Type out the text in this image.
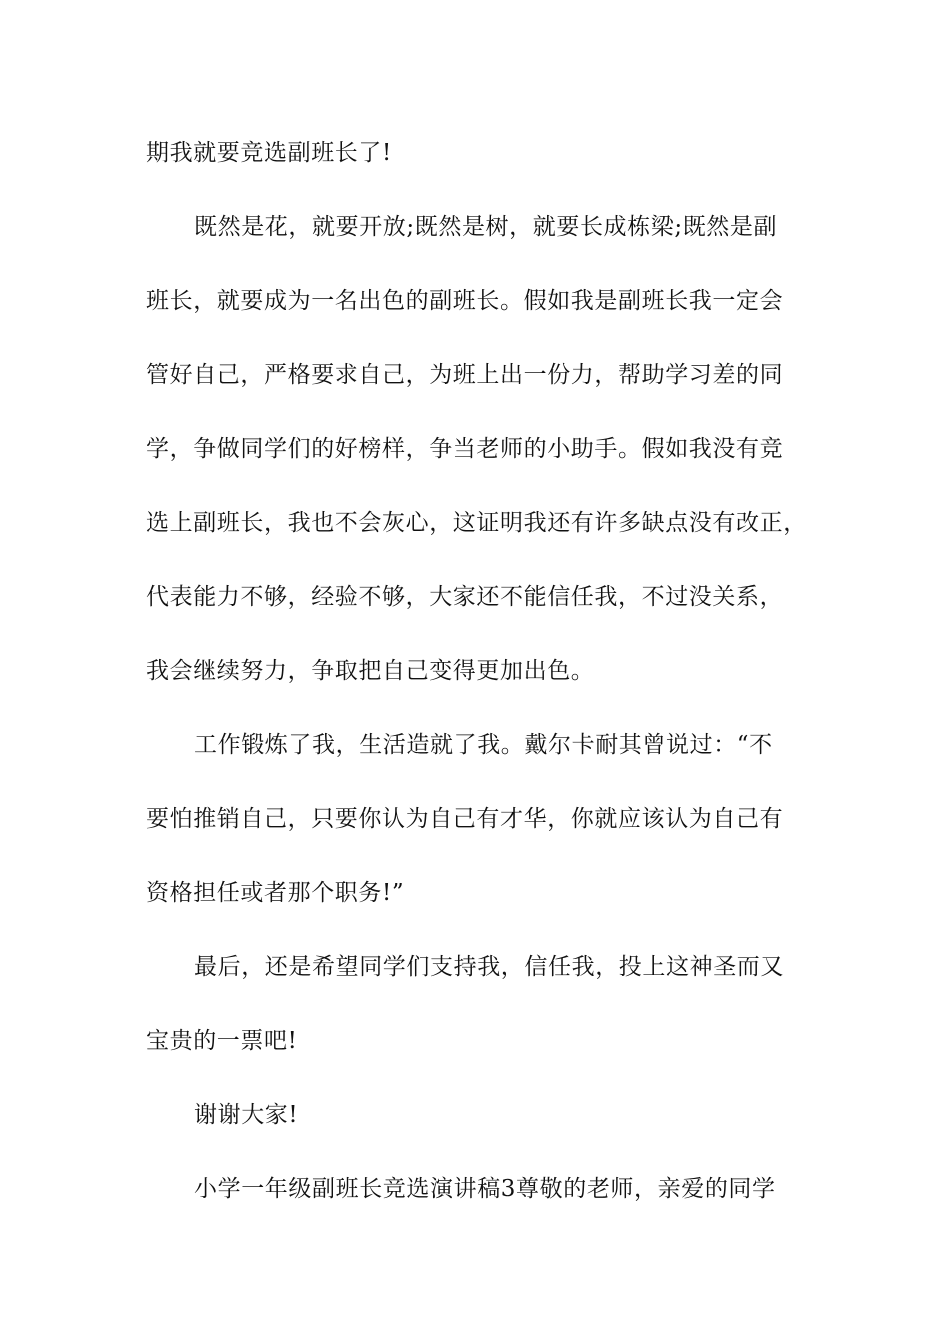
期我就要竞选副班长了!
既然是花，就要开放;既然是树，就要长成栋梁;既然是副
班长，就要成为一名出色的副班长。假如我是副班长我一定会
管好自己，严格要求自己，为班上出一份力，帮助学习差的同
学，争做同学们的好榜样，争当老师的小助手。假如我没有竞
选上副班长，我也不会灰心，这证明我还有许多缺点没有改正，
代表能力不够，经验不够，大家还不能信任我，不过没关系，
我会继续努力，争取把自己变得更加出色。
工作锻炼了我，生活造就了我。戴尔卡耐其曾说过：“不
要怕推销自己，只要你认为自己有才华，你就应该认为自己有
资格担任或者那个职务!”
最后，还是希望同学们支持我，信任我，投上这神圣而又
宝贵的一票吧!
谢谢大家!
小学一年级副班长竞选演讲稿3尊敬的老师，亲爱的同学
